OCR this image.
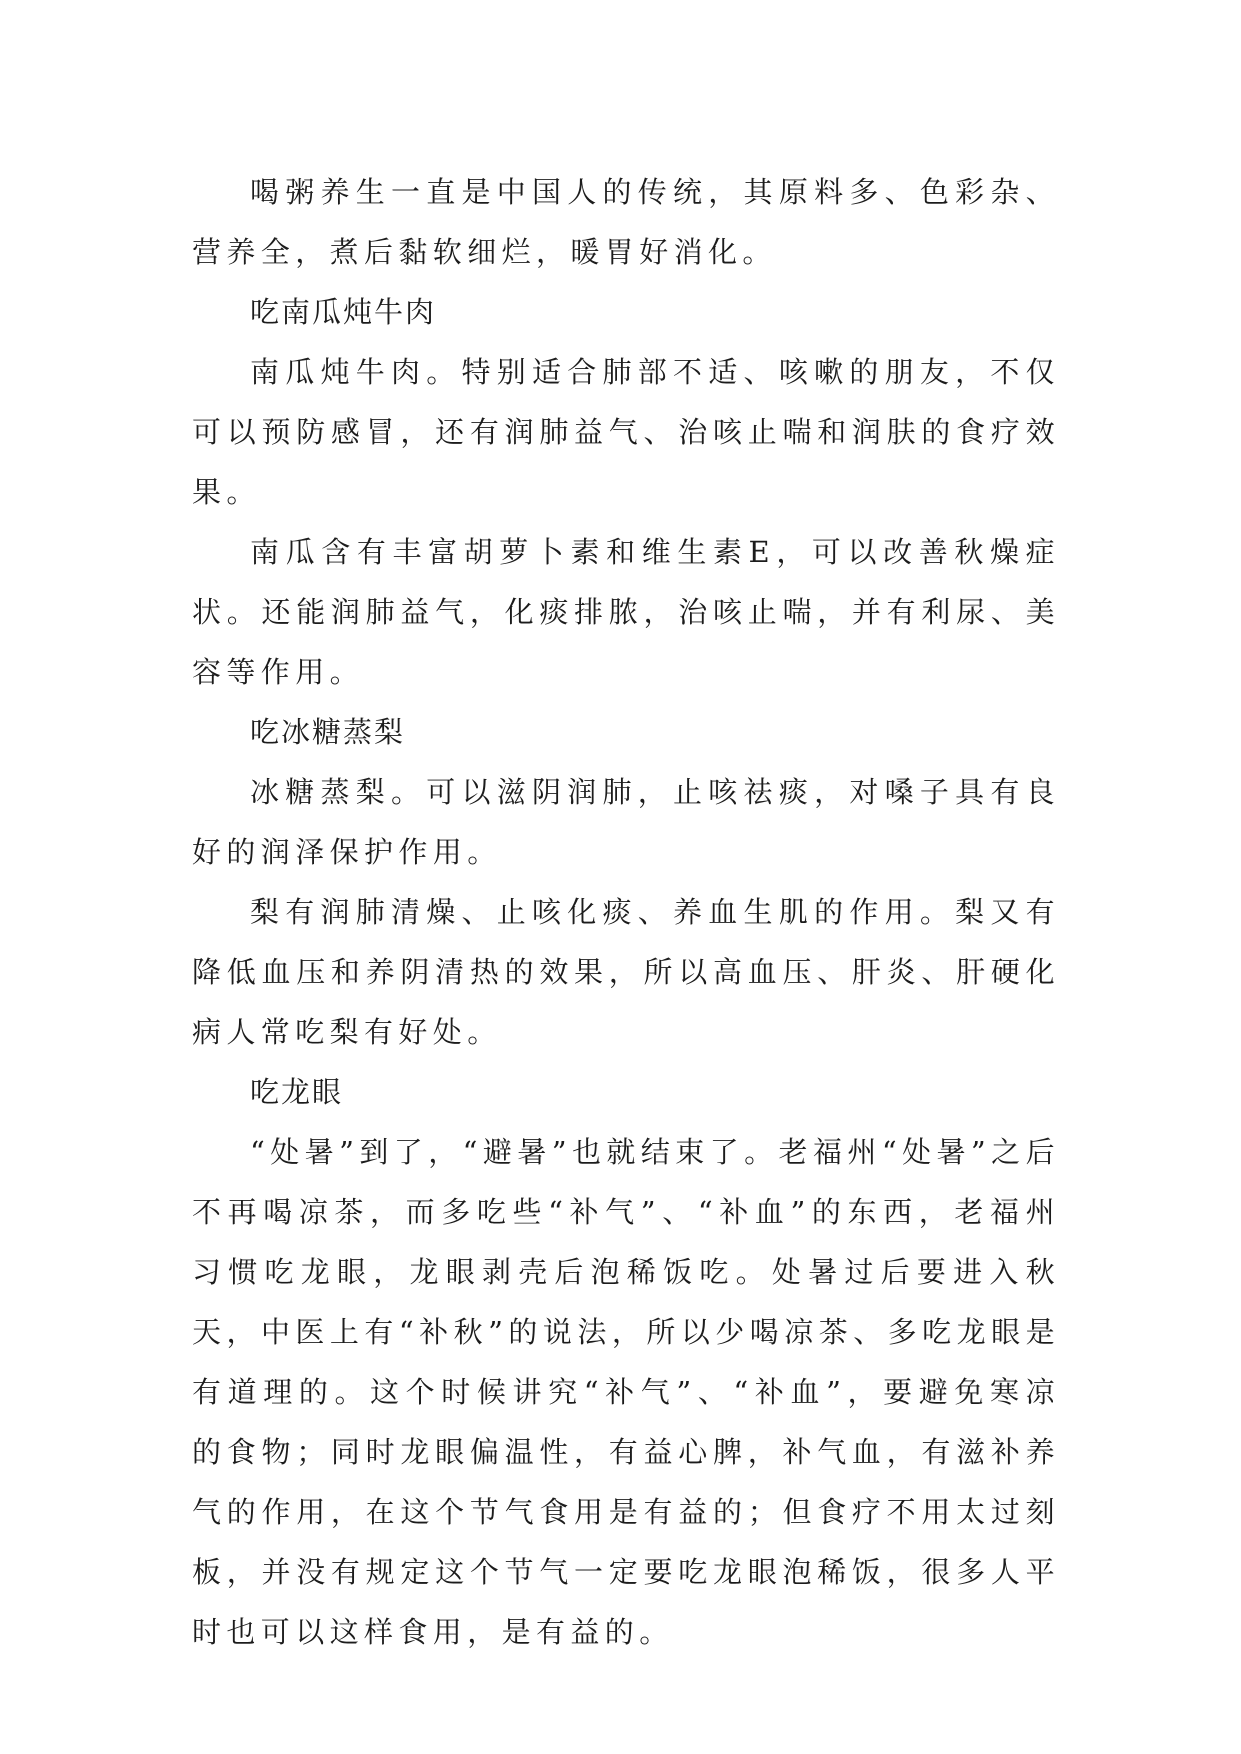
喝粥养生一直是中国人的传统，其原料多、色彩杂、营养全，煮后黏软细烂，暖胃好消化。

吃南瓜炖牛肉

南瓜炖牛肉。特别适合肺部不适、咳嗽的朋友，不仅可以预防感冒，还有润肺益气、治咳止喘和润肤的食疗效果。

南瓜含有丰富胡萝卜素和维生素E，可以改善秋燥症状。还能润肺益气，化痰排脓，治咳止喘，并有利尿、美容等作用。

吃冰糖蒸梨

冰糖蒸梨。可以滋阴润肺，止咳祛痰，对嗓子具有良好的润泽保护作用。

梨有润肺清燥、止咳化痰、养血生肌的作用。梨又有降低血压和养阴清热的效果，所以高血压、肝炎、肝硬化病人常吃梨有好处。

吃龙眼

“处暑”到了，“避暑”也就结束了。老福州“处暑”之后不再喝凉茶，而多吃些“补气”、“补血”的东西，老福州习惯吃龙眼，龙眼剥壳后泡稀饭吃。处暑过后要进入秋天，中医上有“补秋”的说法，所以少喝凉茶、多吃龙眼是有道理的。这个时候讲究“补气”、“补血”，要避免寒凉的食物；同时龙眼偏温性，有益心脾，补气血，有滋补养气的作用，在这个节气食用是有益的；但食疗不用太过刻板，并没有规定这个节气一定要吃龙眼泡稀饭，很多人平时也可以这样食用，是有益的。
